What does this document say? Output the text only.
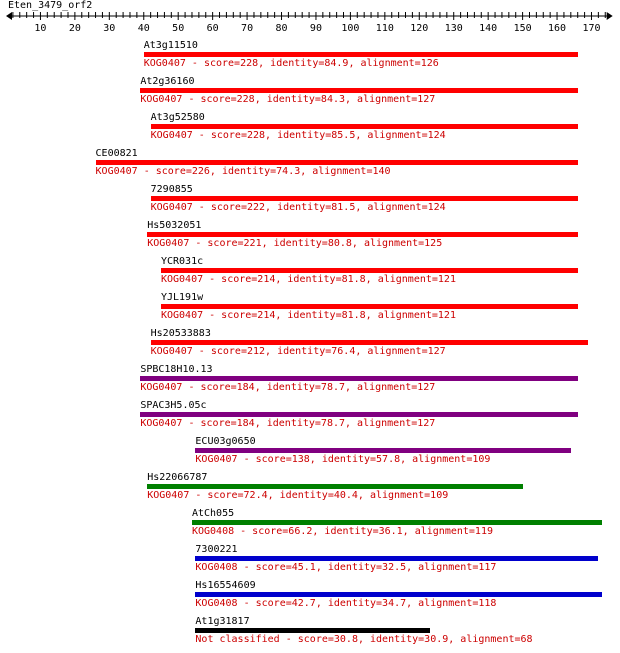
Eten_3479_orf2
10 20 30 40 50 60 70 80 90 100 110 120 130 140 150 160 170
At3g11510
KOG0407 - score=228, identity=84.9, alignment=126
At2g36160
KOG0407 - score=228, identity=84.3, alignment=127
At3g52580
KOG0407 - score=228, identity=85.5, alignment=124
CE00821
KOG0407 - score=226, identity=74.3, alignment=140
7290855
KOG0407 - score=222, identity=81.5, alignment=124
Hs5032051
KOG0407 - score=221, identity=80.8, alignment=125
YCR031c
KOG0407 - score=214, identity=81.8, alignment=121
YJL191w
KOG0407 - score=214, identity=81.8, alignment=121
Hs20533883
KOG0407 - score=212, identity=76.4, alignment=127
SPBC18H10.13
KOG0407 - score=184, identity=78.7, alignment=127
SPAC3H5.05c
KOG0407 - score=184, identity=78.7, alignment=127
ECU03g0650
KOG0407 - score=138, identity=57.8, alignment=109
Hs22066787
KOG0407 - score=72.4, identity=40.4, alignment=109
AtCh055
KOG0408 - score=66.2, identity=36.1, alignment=119
7300221
KOG0408 - score=45.1, identity=32.5, alignment=117
Hs16554609
KOG0408 - score=42.7, identity=34.7, alignment=118
At1g31817
Not classified - score=30.8, identity=30.9, alignment=68
